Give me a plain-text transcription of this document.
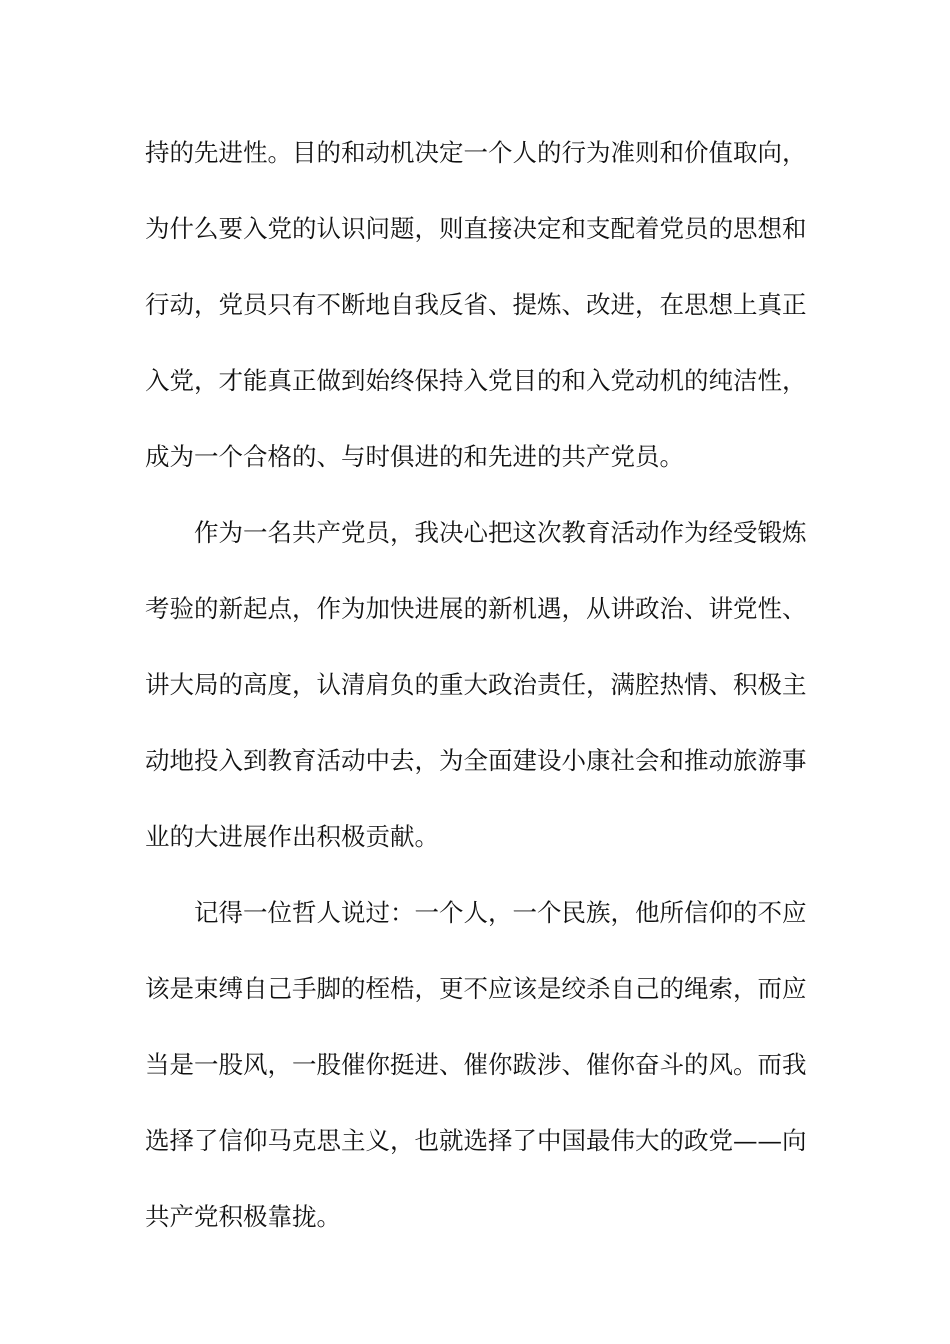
持的先进性。目的和动机决定一个人的行为准则和价值取向，
为什么要入党的认识问题，则直接决定和支配着党员的思想和
行动，党员只有不断地自我反省、提炼、改进，在思想上真正
入党，才能真正做到始终保持入党目的和入党动机的纯洁性，
成为一个合格的、与时俱进的和先进的共产党员。
作为一名共产党员，我决心把这次教育活动作为经受锻炼
考验的新起点，作为加快进展的新机遇，从讲政治、讲党性、
讲大局的高度，认清肩负的重大政治责任，满腔热情、积极主
动地投入到教育活动中去，为全面建设小康社会和推动旅游事
业的大进展作出积极贡献。
记得一位哲人说过：一个人，一个民族，他所信仰的不应
该是束缚自己手脚的桎梏，更不应该是绞杀自己的绳索，而应
当是一股风，一股催你挺进、催你跋涉、催你奋斗的风。而我
选择了信仰马克思主义，也就选择了中国最伟大的政党——向
共产党积极靠拢。
